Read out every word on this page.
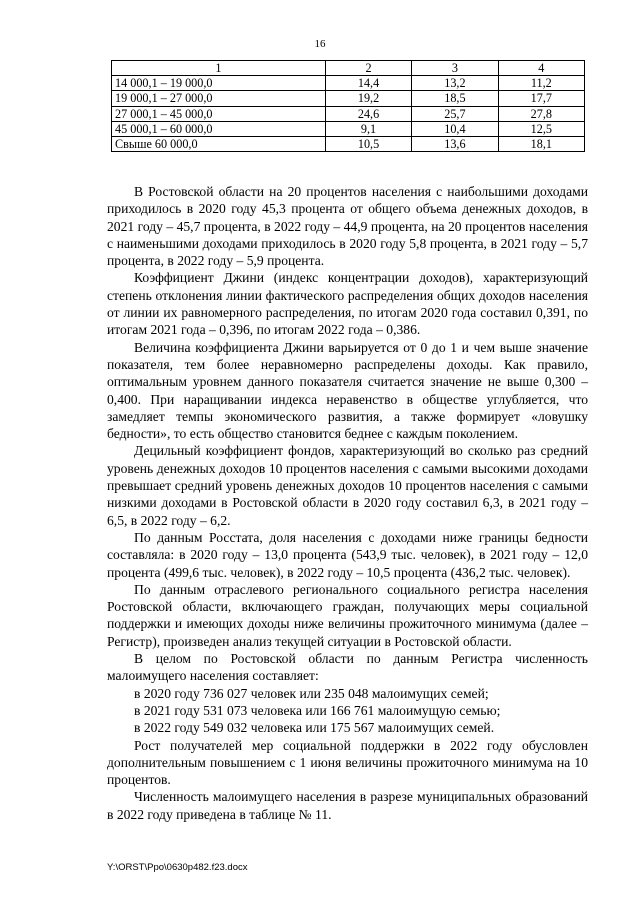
16
1	2	3	4
14 000,1 – 19 000,0	14,4	13,2	11,2
19 000,1 – 27 000,0	19,2	18,5	17,7
27 000,1 – 45 000,0	24,6	25,7	27,8
45 000,1 – 60 000,0	9,1	10,4	12,5
Свыше 60 000,0	10,5	13,6	18,1

В Ростовской области на 20 процентов населения с наибольшими доходами приходилось в 2020 году 45,3 процента от общего объема денежных доходов, в 2021 году – 45,7 процента, в 2022 году – 44,9 процента, на 20 процентов населения с наименьшими доходами приходилось в 2020 году 5,8 процента, в 2021 году – 5,7 процента, в 2022 году – 5,9 процента.

Коэффициент Джини (индекс концентрации доходов), характеризующий степень отклонения линии фактического распределения общих доходов населения от линии их равномерного распределения, по итогам 2020 года составил 0,391, по итогам 2021 года – 0,396, по итогам 2022 года – 0,386.

Величина коэффициента Джини варьируется от 0 до 1 и чем выше значение показателя, тем более неравномерно распределены доходы. Как правило, оптимальным уровнем данного показателя считается значение не выше 0,300 – 0,400. При наращивании индекса неравенство в обществе углубляется, что замедляет темпы экономического развития, а также формирует «ловушку бедности», то есть общество становится беднее с каждым поколением.

Децильный коэффициент фондов, характеризующий во сколько раз средний уровень денежных доходов 10 процентов населения с самыми высокими доходами превышает средний уровень денежных доходов 10 процентов населения с самыми низкими доходами в Ростовской области в 2020 году составил 6,3, в 2021 году – 6,5, в 2022 году – 6,2.

По данным Росстата, доля населения с доходами ниже границы бедности составляла: в 2020 году – 13,0 процента (543,9 тыс. человек), в 2021 году – 12,0 процента (499,6 тыс. человек), в 2022 году – 10,5 процента (436,2 тыс. человек).

По данным отраслевого регионального социального регистра населения Ростовской области, включающего граждан, получающих меры социальной поддержки и имеющих доходы ниже величины прожиточного минимума (далее – Регистр), произведен анализ текущей ситуации в Ростовской области.

В целом по Ростовской области по данным Регистра численность малоимущего населения составляет:

в 2020 году 736 027 человек или 235 048 малоимущих семей;

в 2021 году 531 073 человека или 166 761 малоимущую семью;

в 2022 году 549 032 человека или 175 567 малоимущих семей.

Рост получателей мер социальной поддержки в 2022 году обусловлен дополнительным повышением с 1 июня величины прожиточного минимума на 10 процентов.

Численность малоимущего населения в разрезе муниципальных образований в 2022 году приведена в таблице № 11.

Y:\ORST\Ppo\0630p482.f23.docx
